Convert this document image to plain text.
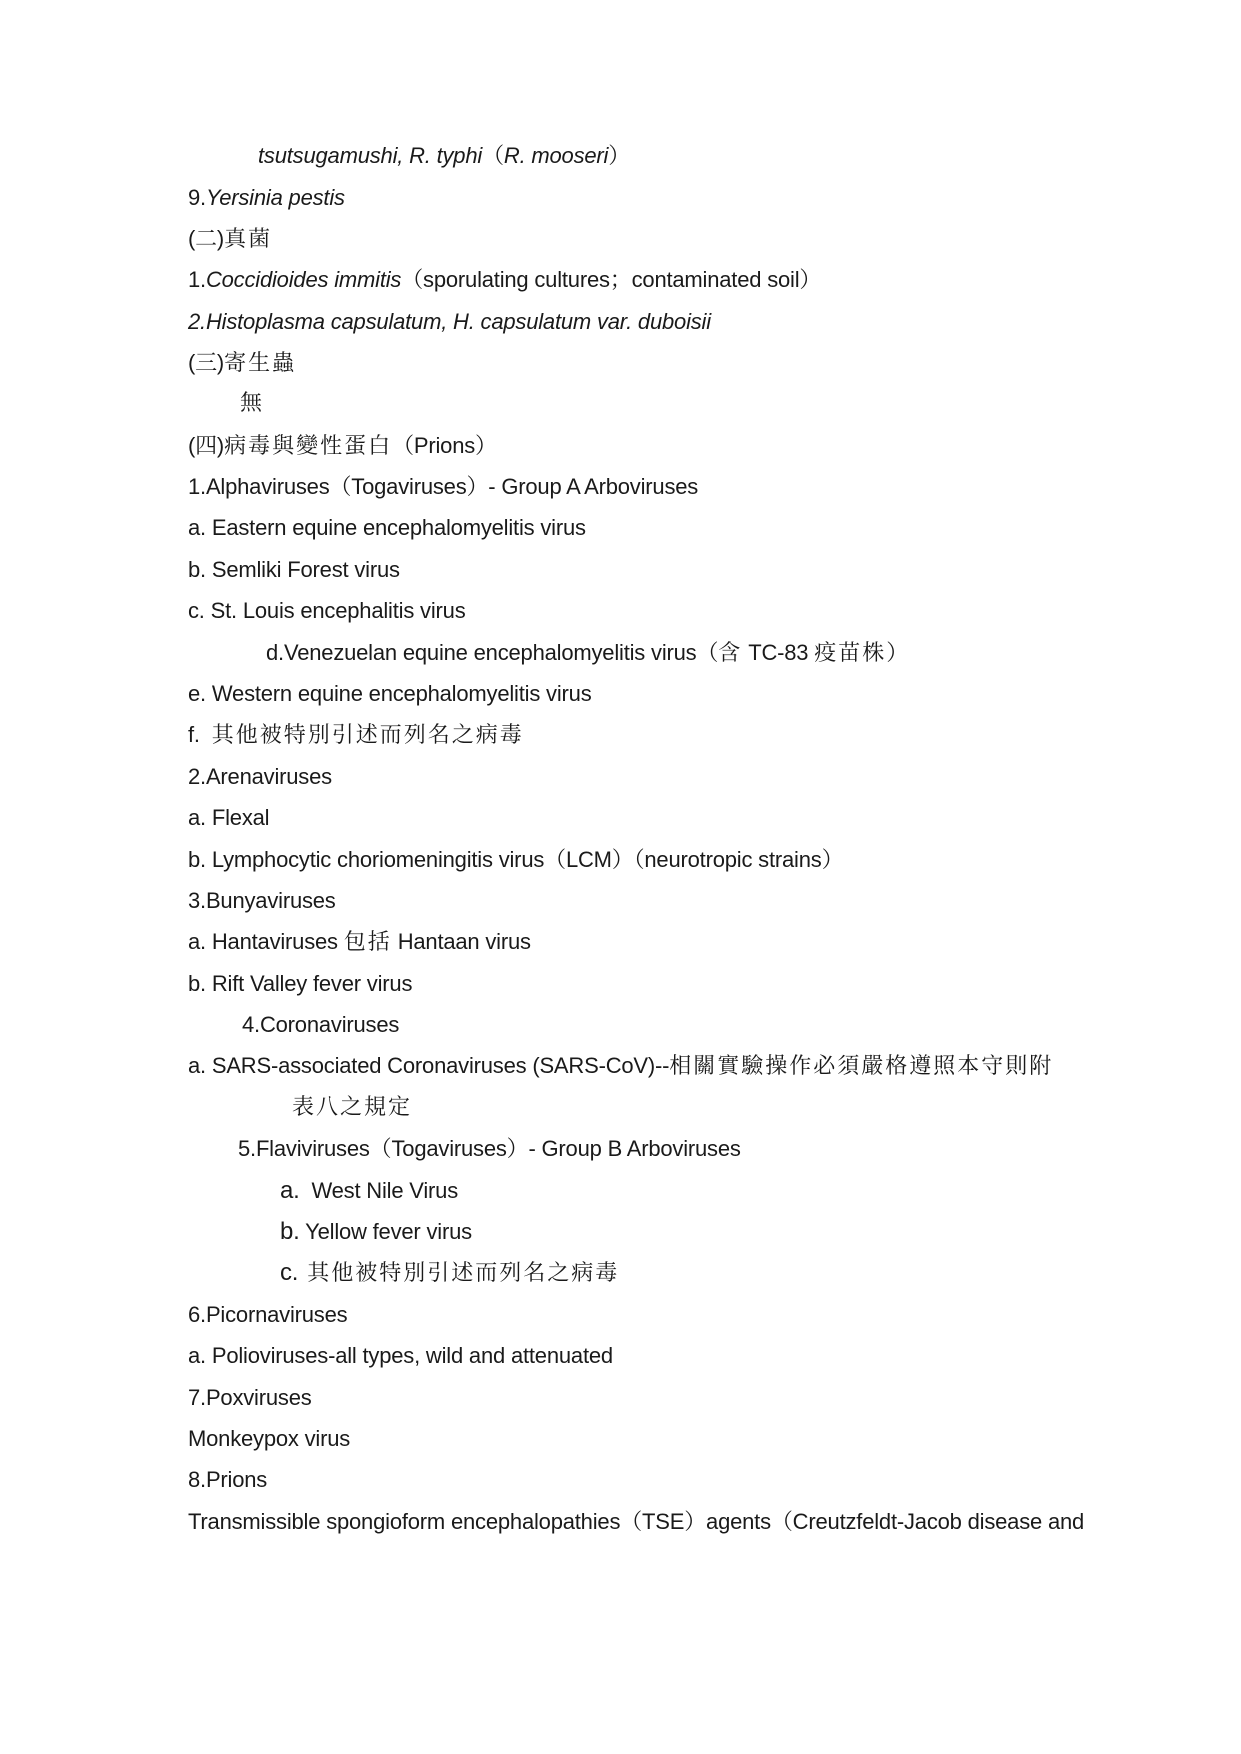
tsutsugamushi, R. typhi（R. mooseri）
9.Yersinia pestis
(二)真菌
1.Coccidioides immitis（sporulating cultures；contaminated soil）
2.Histoplasma capsulatum, H. capsulatum var. duboisii
(三)寄生蟲
無
(四)病毒與變性蛋白（Prions）
1.Alphaviruses（Togaviruses）- Group A Arboviruses
a. Eastern equine encephalomyelitis virus
b. Semliki Forest virus
c. St. Louis encephalitis virus
d.Venezuelan equine encephalomyelitis virus（含 TC-83 疫苗株）
e. Western equine encephalomyelitis virus
f. 其他被特別引述而列名之病毒
2.Arenaviruses
a. Flexal
b. Lymphocytic choriomeningitis virus（LCM）（neurotropic strains）
3.Bunyaviruses
a. Hantaviruses 包括 Hantaan virus
b. Rift Valley fever virus
4.Coronaviruses
a. SARS-associated Coronaviruses (SARS-CoV)--相關實驗操作必須嚴格遵照本守則附
表八之規定
5.Flaviviruses（Togaviruses）- Group B Arboviruses
a.  West Nile Virus
b. Yellow fever virus
c. 其他被特別引述而列名之病毒
6.Picornaviruses
a. Polioviruses-all types, wild and attenuated
7.Poxviruses
Monkeypox virus
8.Prions
Transmissible spongioform encephalopathies（TSE）agents（Creutzfeldt-Jacob disease and
